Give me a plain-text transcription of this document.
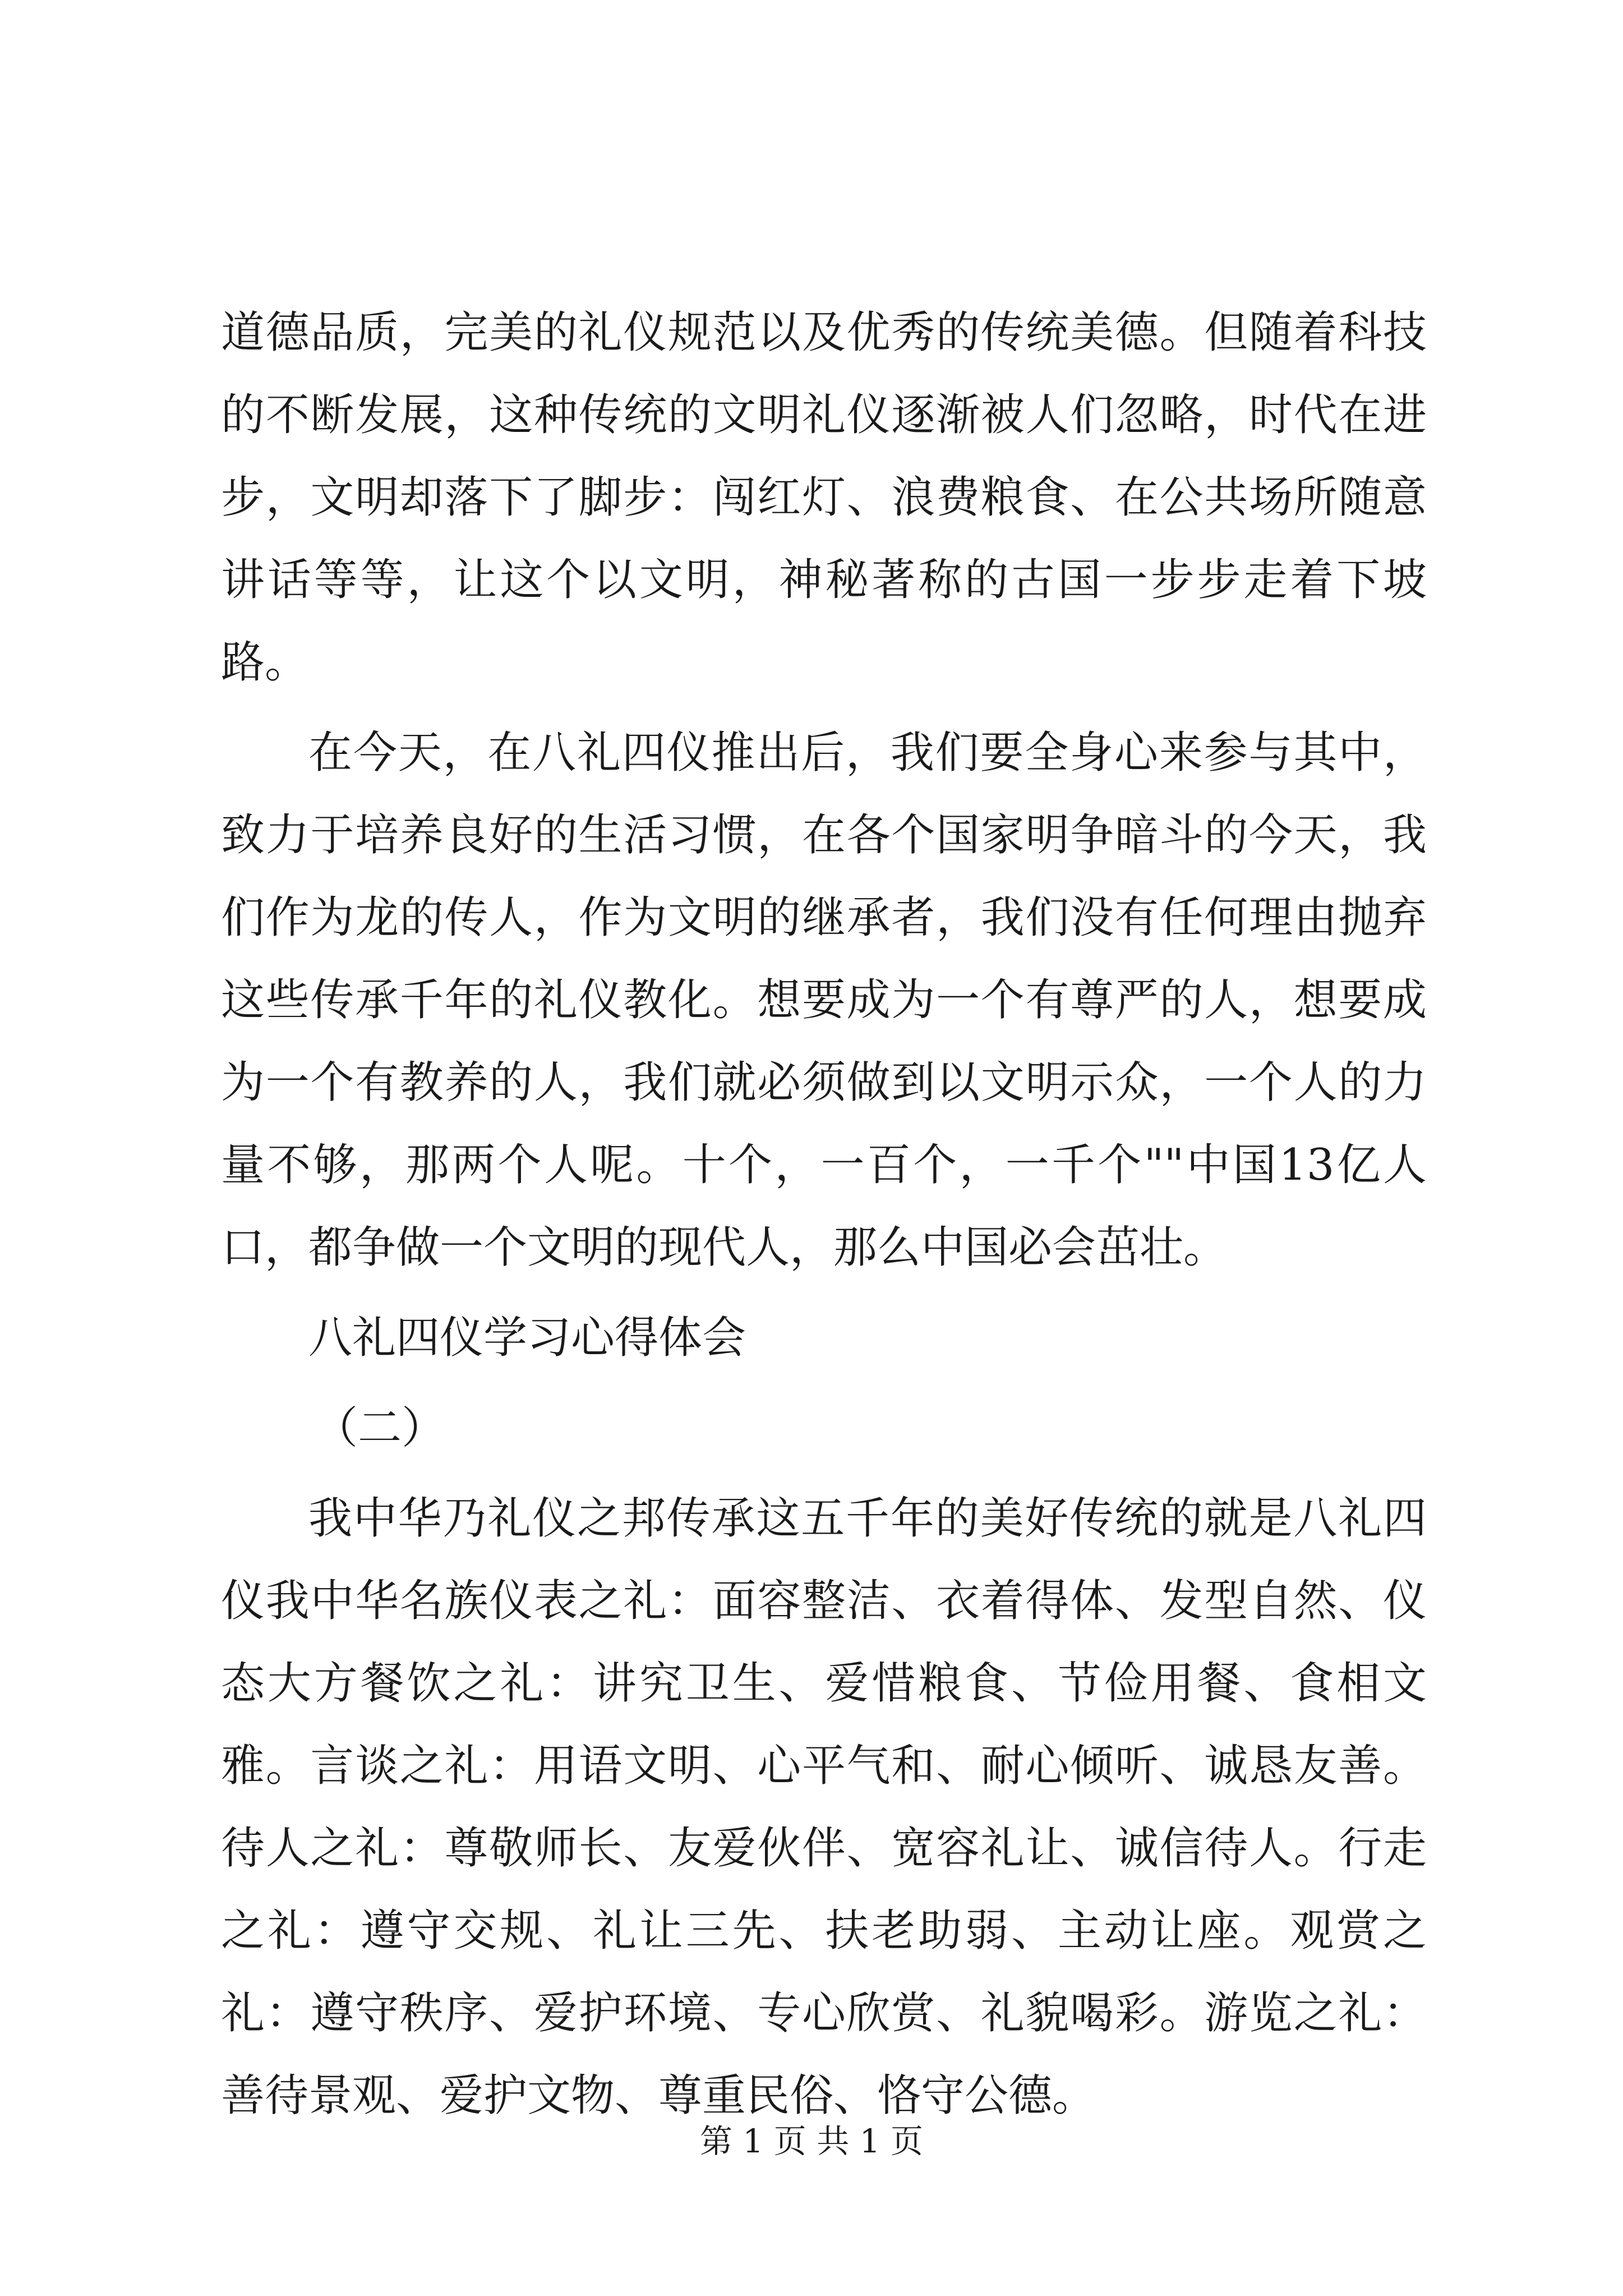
道德品质，完美的礼仪规范以及优秀的传统美德。但随着科技的不断发展，这种传统的文明礼仪逐渐被人们忽略，时代在进步，文明却落下了脚步：闯红灯、浪费粮食、在公共场所随意讲话等等，让这个以文明，神秘著称的古国一步步走着下坡路。

在今天，在八礼四仪推出后，我们要全身心来参与其中，致力于培养良好的生活习惯，在各个国家明争暗斗的今天，我们作为龙的传人，作为文明的继承者，我们没有任何理由抛弃这些传承千年的礼仪教化。想要成为一个有尊严的人，想要成为一个有教养的人，我们就必须做到以文明示众，一个人的力量不够，那两个人呢。十个，一百个，一千个""中国13亿人口，都争做一个文明的现代人，那么中国必会茁壮。

八礼四仪学习心得体会

（二）

我中华乃礼仪之邦传承这五千年的美好传统的就是八礼四仪我中华名族仪表之礼：面容整洁、衣着得体、发型自然、仪态大方餐饮之礼：讲究卫生、爱惜粮食、节俭用餐、食相文雅。言谈之礼：用语文明、心平气和、耐心倾听、诚恳友善。待人之礼：尊敬师长、友爱伙伴、宽容礼让、诚信待人。行走之礼：遵守交规、礼让三先、扶老助弱、主动让座。观赏之礼：遵守秩序、爱护环境、专心欣赏、礼貌喝彩。游览之礼：善待景观、爱护文物、尊重民俗、恪守公德。

第 1 页 共 1 页
